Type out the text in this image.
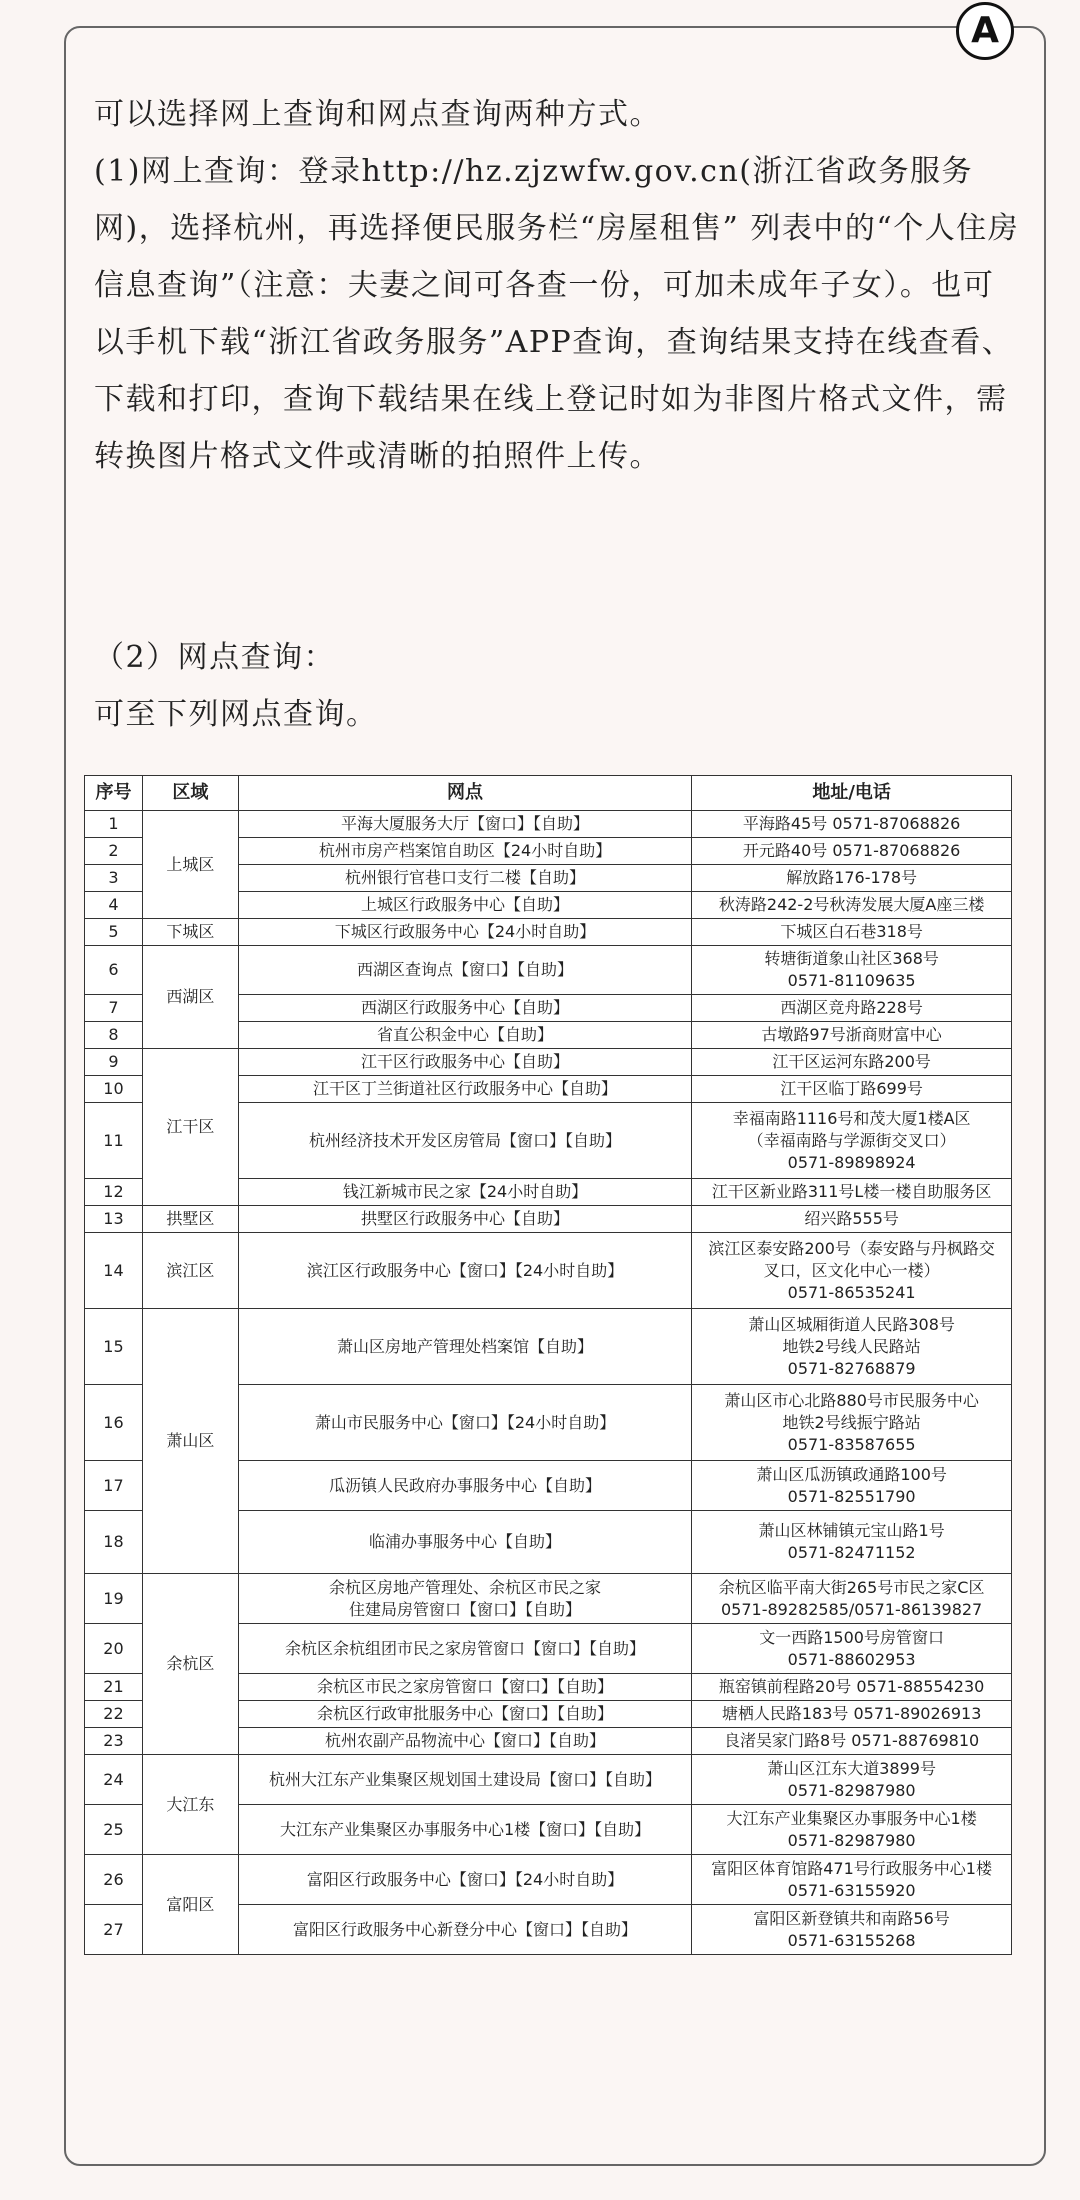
A

可以选择网上查询和网点查询两种方式。

(1)网上查询：登录http://hz.zjzwfw.gov.cn(浙江省政务服务网)，选择杭州，再选择便民服务栏“房屋租售” 列表中的“个人住房信息查询”（注意：夫妻之间可各查一份，可加未成年子女）。也可以手机下载“浙江省政务服务”APP查询，查询结果支持在线查看、下载和打印，查询下载结果在线上登记时如为非图片格式文件，需转换图片格式文件或清晰的拍照件上传。

（2）网点查询：

可至下列网点查询。

序号	区域	网点	地址/电话
1	上城区	平海大厦服务大厅【窗口】【自助】	平海路45号 0571-87068826
2		杭州市房产档案馆自助区【24小时自助】	开元路40号 0571-87068826
3		杭州银行官巷口支行二楼【自助】	解放路176-178号
4		上城区行政服务中心【自助】	秋涛路242-2号秋涛发展大厦A座三楼
5	下城区	下城区行政服务中心【24小时自助】	下城区白石巷318号
6	西湖区	西湖区查询点【窗口】【自助】	转塘街道象山社区368号
0571-81109635
7		西湖区行政服务中心【自助】	西湖区竞舟路228号
8		省直公积金中心【自助】	古墩路97号浙商财富中心
9	江干区	江干区行政服务中心【自助】	江干区运河东路200号
10		江干区丁兰街道社区行政服务中心【自助】	江干区临丁路699号
11		杭州经济技术开发区房管局【窗口】【自助】	幸福南路1116号和茂大厦1楼A区
（幸福南路与学源街交叉口）
0571-89898924
12		钱江新城市民之家【24小时自助】	江干区新业路311号L楼一楼自助服务区
13	拱墅区	拱墅区行政服务中心【自助】	绍兴路555号
14	滨江区	滨江区行政服务中心【窗口】【24小时自助】	滨江区泰安路200号（泰安路与丹枫路交
叉口，区文化中心一楼）
0571-86535241
15	萧山区	萧山区房地产管理处档案馆【自助】	萧山区城厢街道人民路308号
地铁2号线人民路站
0571-82768879
16		萧山市民服务中心【窗口】【24小时自助】	萧山区市心北路880号市民服务中心
地铁2号线振宁路站
0571-83587655
17		瓜沥镇人民政府办事服务中心【自助】	萧山区瓜沥镇政通路100号
0571-82551790
18		临浦办事服务中心【自助】	萧山区林铺镇元宝山路1号
0571-82471152
19	余杭区	余杭区房地产管理处、余杭区市民之家
住建局房管窗口【窗口】【自助】	余杭区临平南大街265号市民之家C区
0571-89282585/0571-86139827
20		余杭区余杭组团市民之家房管窗口【窗口】【自助】	文一西路1500号房管窗口
0571-88602953
21		余杭区市民之家房管窗口【窗口】【自助】	瓶窑镇前程路20号 0571-88554230
22		余杭区行政审批服务中心【窗口】【自助】	塘栖人民路183号 0571-89026913
23		杭州农副产品物流中心【窗口】【自助】	良渚吴家门路8号 0571-88769810
24	大江东	杭州大江东产业集聚区规划国土建设局【窗口】【自助】	萧山区江东大道3899号
0571-82987980
25		大江东产业集聚区办事服务中心1楼【窗口】【自助】	大江东产业集聚区办事服务中心1楼
0571-82987980
26	富阳区	富阳区行政服务中心【窗口】【24小时自助】	富阳区体育馆路471号行政服务中心1楼
0571-63155920
27		富阳区行政服务中心新登分中心【窗口】【自助】	富阳区新登镇共和南路56号
0571-63155268
